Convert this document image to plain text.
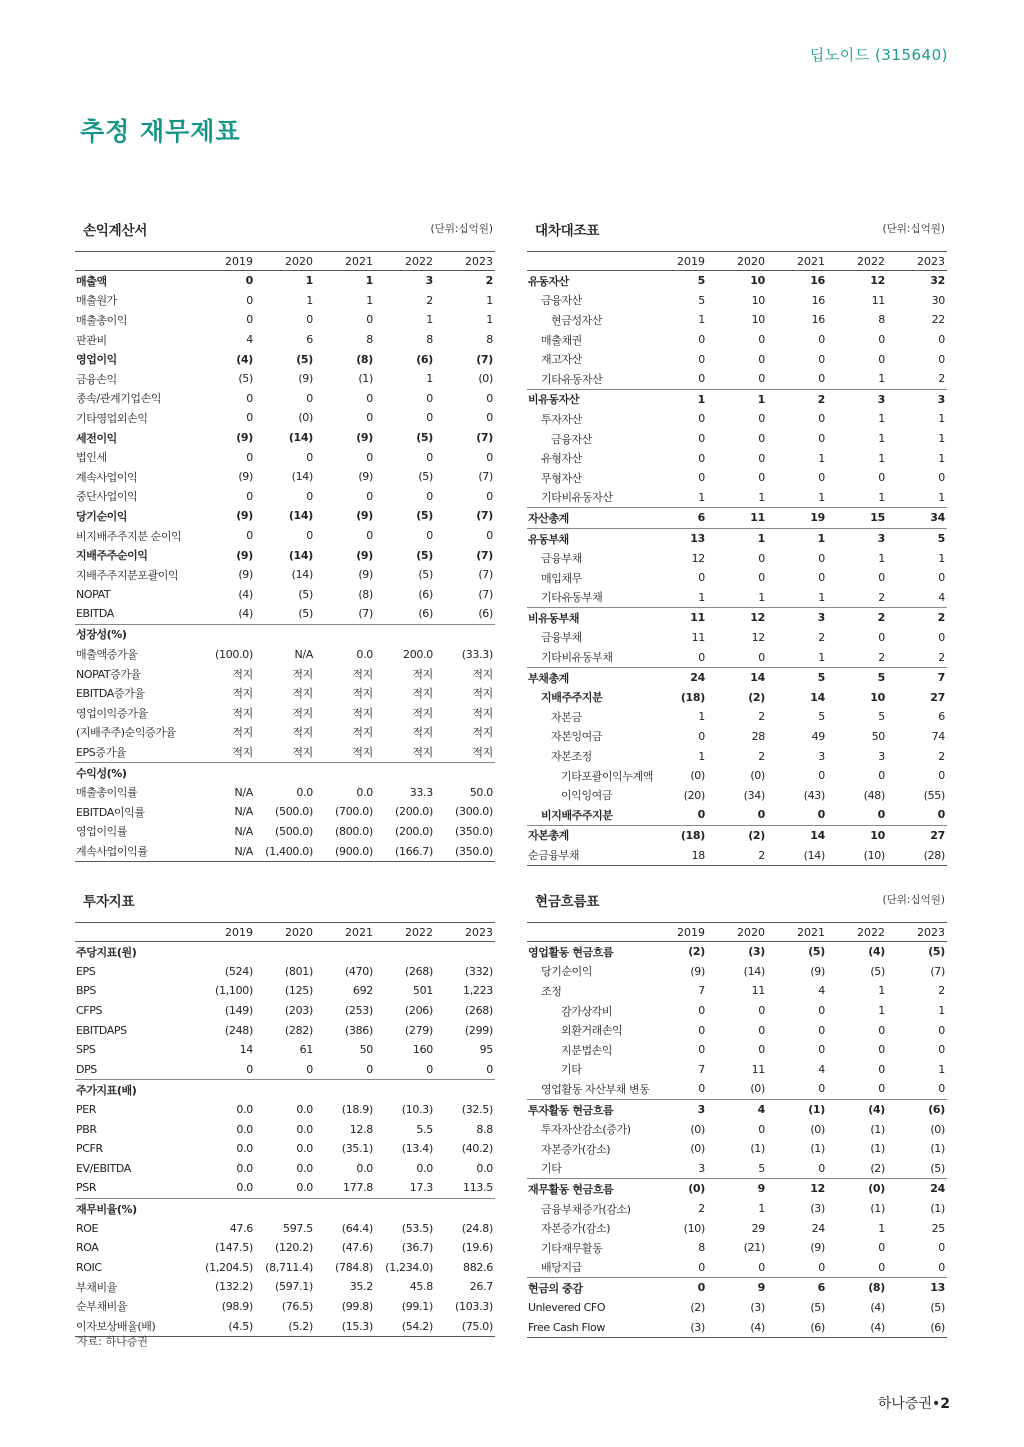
딥노이드 (315640)
추정 재무제표
손익계산서	(단위:십억원)
	2019	2020	2021	2022	2023
매출액	0	1	1	3	2
매출원가	0	1	1	2	1
매출총이익	0	0	0	1	1
판관비	4	6	8	8	8
영업이익	(4)	(5)	(8)	(6)	(7)
금융손익	(5)	(9)	(1)	1	(0)
종속/관계기업손익	0	0	0	0	0
기타영업외손익	0	(0)	0	0	0
세전이익	(9)	(14)	(9)	(5)	(7)
법인세	0	0	0	0	0
계속사업이익	(9)	(14)	(9)	(5)	(7)
중단사업이익	0	0	0	0	0
당기순이익	(9)	(14)	(9)	(5)	(7)
비지배주주지분 순이익	0	0	0	0	0
지배주주순이익	(9)	(14)	(9)	(5)	(7)
지배주주지분포괄이익	(9)	(14)	(9)	(5)	(7)
NOPAT	(4)	(5)	(8)	(6)	(7)
EBITDA	(4)	(5)	(7)	(6)	(6)
성장성(%)					
매출액증가율	(100.0)	N/A	0.0	200.0	(33.3)
NOPAT증가율	적지	적지	적지	적지	적지
EBITDA증가율	적지	적지	적지	적지	적지
영업이익증가율	적지	적지	적지	적지	적지
(지배주주)순익증가율	적지	적지	적지	적지	적지
EPS증가율	적지	적지	적지	적지	적지
수익성(%)					
매출총이익률	N/A	0.0	0.0	33.3	50.0
EBITDA이익률	N/A	(500.0)	(700.0)	(200.0)	(300.0)
영업이익률	N/A	(500.0)	(800.0)	(200.0)	(350.0)
계속사업이익률	N/A	(1,400.0)	(900.0)	(166.7)	(350.0)
대차대조표	(단위:십억원)
	2019	2020	2021	2022	2023
유동자산	5	10	16	12	32
금융자산	5	10	16	11	30
현금성자산	1	10	16	8	22
매출채권	0	0	0	0	0
재고자산	0	0	0	0	0
기타유동자산	0	0	0	1	2
비유동자산	1	1	2	3	3
투자자산	0	0	0	1	1
금융자산	0	0	0	1	1
유형자산	0	0	1	1	1
무형자산	0	0	0	0	0
기타비유동자산	1	1	1	1	1
자산총계	6	11	19	15	34
유동부채	13	1	1	3	5
금융부채	12	0	0	1	1
매입채무	0	0	0	0	0
기타유동부채	1	1	1	2	4
비유동부채	11	12	3	2	2
금융부채	11	12	2	0	0
기타비유동부채	0	0	1	2	2
부채총계	24	14	5	5	7
지배주주지분	(18)	(2)	14	10	27
자본금	1	2	5	5	6
자본잉여금	0	28	49	50	74
자본조정	1	2	3	3	2
기타포괄이익누계액	(0)	(0)	0	0	0
이익잉여금	(20)	(34)	(43)	(48)	(55)
비지배주주지분	0	0	0	0	0
자본총계	(18)	(2)	14	10	27
순금융부채	18	2	(14)	(10)	(28)
투자지표
	2019	2020	2021	2022	2023
주당지표(원)					
EPS	(524)	(801)	(470)	(268)	(332)
BPS	(1,100)	(125)	692	501	1,223
CFPS	(149)	(203)	(253)	(206)	(268)
EBITDAPS	(248)	(282)	(386)	(279)	(299)
SPS	14	61	50	160	95
DPS	0	0	0	0	0
주가지표(배)					
PER	0.0	0.0	(18.9)	(10.3)	(32.5)
PBR	0.0	0.0	12.8	5.5	8.8
PCFR	0.0	0.0	(35.1)	(13.4)	(40.2)
EV/EBITDA	0.0	0.0	0.0	0.0	0.0
PSR	0.0	0.0	177.8	17.3	113.5
재무비율(%)					
ROE	47.6	597.5	(64.4)	(53.5)	(24.8)
ROA	(147.5)	(120.2)	(47.6)	(36.7)	(19.6)
ROIC	(1,204.5)	(8,711.4)	(784.8)	(1,234.0)	882.6
부채비율	(132.2)	(597.1)	35.2	45.8	26.7
순부채비율	(98.9)	(76.5)	(99.8)	(99.1)	(103.3)
이자보상배율(배)	(4.5)	(5.2)	(15.3)	(54.2)	(75.0)
현금흐름표	(단위:십억원)
	2019	2020	2021	2022	2023
영업활동 현금흐름	(2)	(3)	(5)	(4)	(5)
당기순이익	(9)	(14)	(9)	(5)	(7)
조정	7	11	4	1	2
감가상각비	0	0	0	1	1
외환거래손익	0	0	0	0	0
지분법손익	0	0	0	0	0
기타	7	11	4	0	1
영업활동 자산부채 변동	0	(0)	0	0	0
투자활동 현금흐름	3	4	(1)	(4)	(6)
투자자산감소(증가)	(0)	0	(0)	(1)	(0)
자본증가(감소)	(0)	(1)	(1)	(1)	(1)
기타	3	5	0	(2)	(5)
재무활동 현금흐름	(0)	9	12	(0)	24
금융부채증가(감소)	2	1	(3)	(1)	(1)
자본증가(감소)	(10)	29	24	1	25
기타재무활동	8	(21)	(9)	0	0
배당지급	0	0	0	0	0
현금의 중감	0	9	6	(8)	13
Unlevered CFO	(2)	(3)	(5)	(4)	(5)
Free Cash Flow	(3)	(4)	(6)	(4)	(6)
자료: 하나증권
하나증권•2
